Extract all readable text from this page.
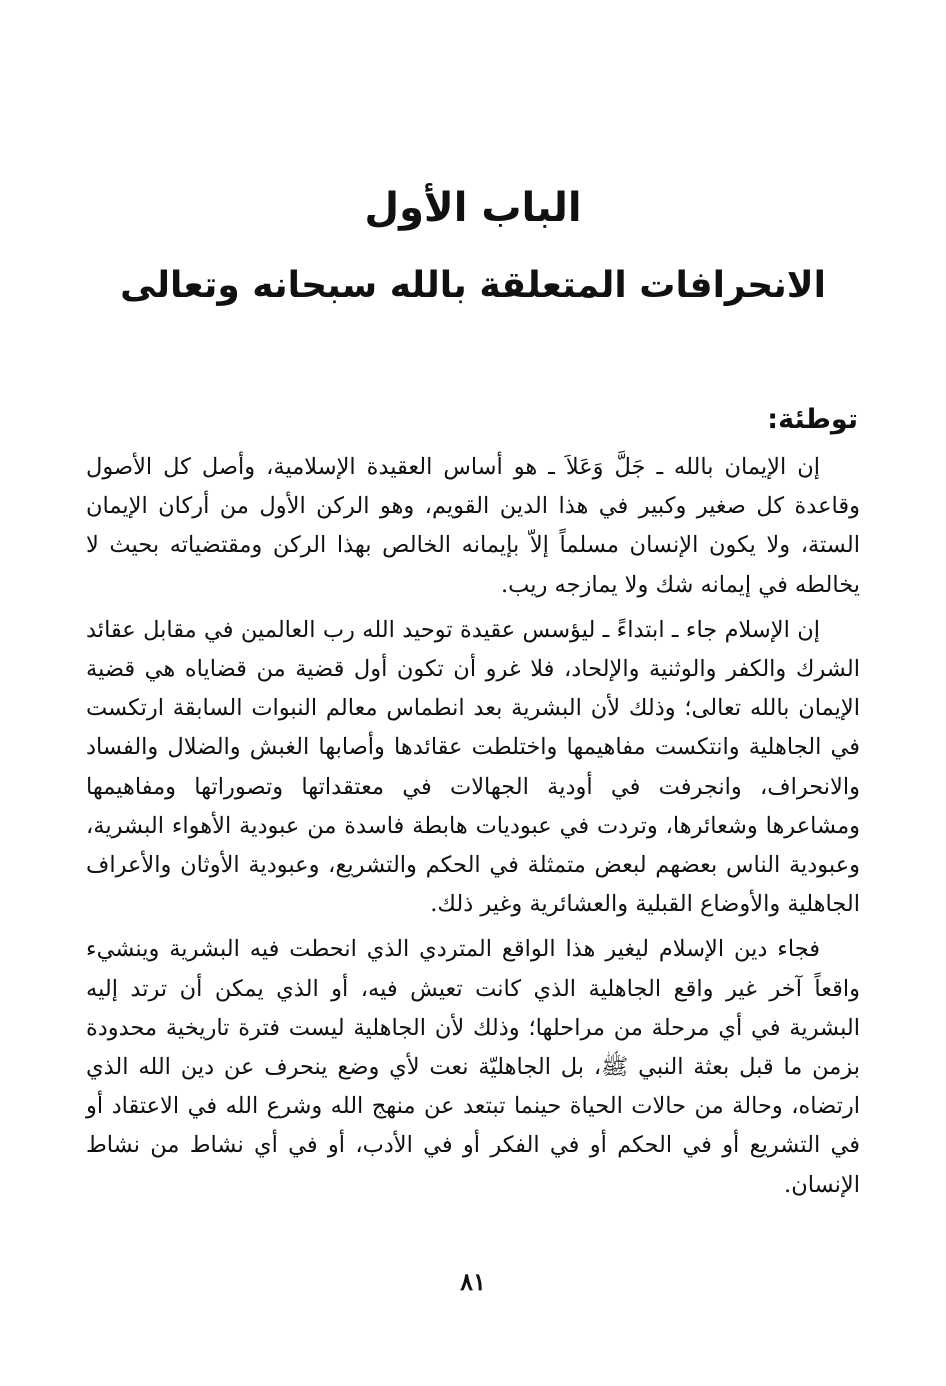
الباب الأول
الانحرافات المتعلقة بالله سبحانه وتعالى
توطئة:

إن الإيمان بالله ـ جَلَّ وَعَلاَ ـ هو أساس العقيدة الإسلامية، وأصل كل الأصول وقاعدة كل صغير وكبير في هذا الدين القويم، وهو الركن الأول من أركان الإيمان الستة، ولا يكون الإنسان مسلماً إلاّ بإيمانه الخالص بهذا الركن ومقتضياته بحيث لا يخالطه في إيمانه شك ولا يمازجه ريب.

إن الإسلام جاء ـ ابتداءً ـ ليؤسس عقيدة توحيد الله رب العالمين في مقابل عقائد الشرك والكفر والوثنية والإلحاد، فلا غرو أن تكون أول قضية من قضاياه هي قضية الإيمان بالله تعالى؛ وذلك لأن البشرية بعد انطماس معالم النبوات السابقة ارتكست في الجاهلية وانتكست مفاهيمها واختلطت عقائدها وأصابها الغبش والضلال والفساد والانحراف، وانجرفت في أودية الجهالات في معتقداتها وتصوراتها ومفاهيمها ومشاعرها وشعائرها، وتردت في عبوديات هابطة فاسدة من عبودية الأهواء البشرية، وعبودية الناس بعضهم لبعض متمثلة في الحكم والتشريع، وعبودية الأوثان والأعراف الجاهلية والأوضاع القبلية والعشائرية وغير ذلك.

فجاء دين الإسلام ليغير هذا الواقع المتردي الذي انحطت فيه البشرية وينشيء واقعاً آخر غير واقع الجاهلية الذي كانت تعيش فيه، أو الذي يمكن أن ترتد إليه البشرية في أي مرحلة من مراحلها؛ وذلك لأن الجاهلية ليست فترة تاريخية محدودة بزمن ما قبل بعثة النبي ﷺ، بل الجاهليّة نعت لأي وضع ينحرف عن دين الله الذي ارتضاه، وحالة من حالات الحياة حينما تبتعد عن منهج الله وشرع الله في الاعتقاد أو في التشريع أو في الحكم أو في الفكر أو في الأدب، أو في أي نشاط من نشاط الإنسان.

٨١
